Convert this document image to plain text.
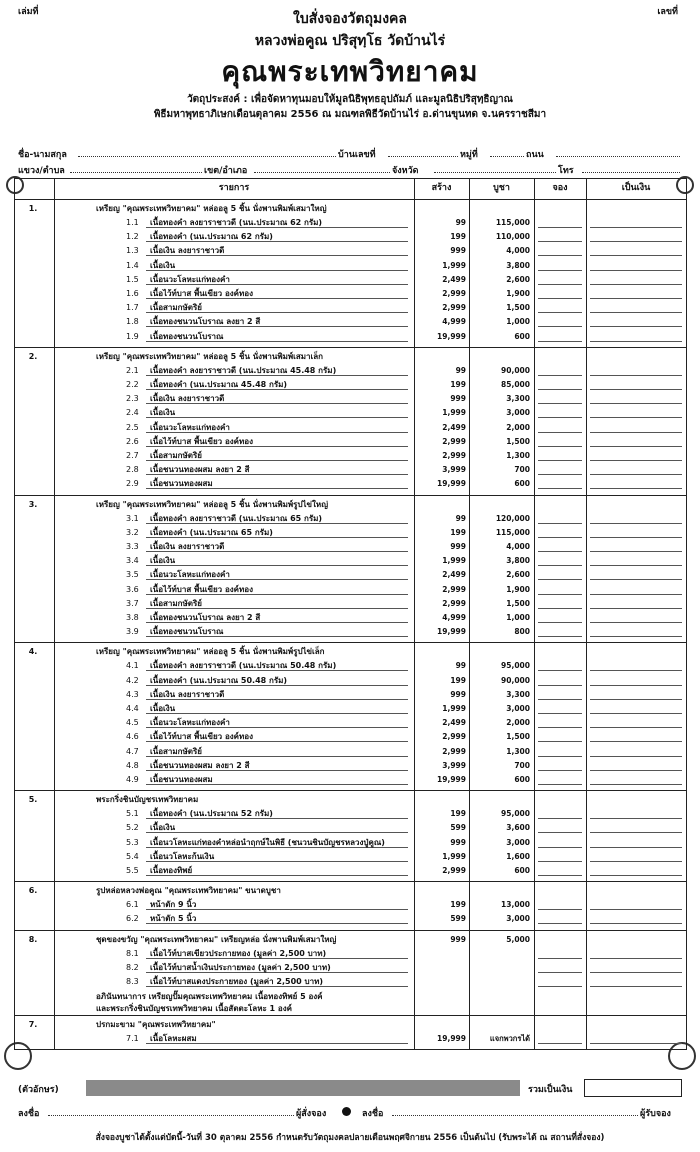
เล่มที่	เลขที่
ใบสั่งจองวัตถุมงคล
หลวงพ่อคูณ ปริสุทฺโธ วัดบ้านไร่
คุณพระเทพวิทยาคม
วัตถุประสงค์ : เพื่อจัดหาทุนมอบให้มูลนิธิพุทธอุปถัมภ์ และมูลนิธิปริสุทฺธิญาณ
พิธีมหาพุทธาภิเษกเดือนตุลาคม 2556 ณ มณฑลพิธีวัดบ้านไร่ อ.ด่านขุนทด จ.นครราชสีมา
ชื่อ-นามสกุล	บ้านเลขที่	หมู่ที่	ถนน
แขวง/ตำบล	เขต/อำเภอ	จังหวัด	โทร
รายการ	สร้าง	บูชา	จอง	เป็นเงิน
1.	เหรียญ "คุณพระเทพวิทยาคม" หล่ออลู 5 ชิ้น นั่งพานพิมพ์เสมาใหญ่
1.1	เนื้อทองคำ ลงยาราชาวดี (นน.ประมาณ 62 กรัม)	99	115,000
1.2	เนื้อทองคำ (นน.ประมาณ 62 กรัม)	199	110,000
1.3	เนื้อเงิน ลงยาราชาวดี	999	4,000
1.4	เนื้อเงิน	1,999	3,800
1.5	เนื้อนวะโลหะแก่ทองคำ	2,499	2,600
1.6	เนื้อไว้ท์บาส พื้นเขียว องค์ทอง	2,999	1,900
1.7	เนื้อสามกษัตริย์	2,999	1,500
1.8	เนื้อทองชนวนโบราณ ลงยา 2 สี	4,999	1,000
1.9	เนื้อทองชนวนโบราณ	19,999	600
2.	เหรียญ "คุณพระเทพวิทยาคม" หล่ออลู 5 ชิ้น นั่งพานพิมพ์เสมาเล็ก
2.1	เนื้อทองคำ ลงยาราชาวดี (นน.ประมาณ 45.48 กรัม)	99	90,000
2.2	เนื้อทองคำ (นน.ประมาณ 45.48 กรัม)	199	85,000
2.3	เนื้อเงิน ลงยาราชาวดี	999	3,300
2.4	เนื้อเงิน	1,999	3,000
2.5	เนื้อนวะโลหะแก่ทองคำ	2,499	2,000
2.6	เนื้อไว้ท์บาส พื้นเขียว องค์ทอง	2,999	1,500
2.7	เนื้อสามกษัตริย์	2,999	1,300
2.8	เนื้อชนวนทองผสม ลงยา 2 สี	3,999	700
2.9	เนื้อชนวนทองผสม	19,999	600
3.	เหรียญ "คุณพระเทพวิทยาคม" หล่ออลู 5 ชิ้น นั่งพานพิมพ์รูปไข่ใหญ่
3.1	เนื้อทองคำ ลงยาราชาวดี (นน.ประมาณ 65 กรัม)	99	120,000
3.2	เนื้อทองคำ (นน.ประมาณ 65 กรัม)	199	115,000
3.3	เนื้อเงิน ลงยาราชาวดี	999	4,000
3.4	เนื้อเงิน	1,999	3,800
3.5	เนื้อนวะโลหะแก่ทองคำ	2,499	2,600
3.6	เนื้อไว้ท์บาส พื้นเขียว องค์ทอง	2,999	1,900
3.7	เนื้อสามกษัตริย์	2,999	1,500
3.8	เนื้อทองชนวนโบราณ ลงยา 2 สี	4,999	1,000
3.9	เนื้อทองชนวนโบราณ	19,999	800
4.	เหรียญ "คุณพระเทพวิทยาคม" หล่ออลู 5 ชิ้น นั่งพานพิมพ์รูปไข่เล็ก
4.1	เนื้อทองคำ ลงยาราชาวดี (นน.ประมาณ 50.48 กรัม)	99	95,000
4.2	เนื้อทองคำ (นน.ประมาณ 50.48 กรัม)	199	90,000
4.3	เนื้อเงิน ลงยาราชาวดี	999	3,300
4.4	เนื้อเงิน	1,999	3,000
4.5	เนื้อนวะโลหะแก่ทองคำ	2,499	2,000
4.6	เนื้อไว้ท์บาส พื้นเขียว องค์ทอง	2,999	1,500
4.7	เนื้อสามกษัตริย์	2,999	1,300
4.8	เนื้อชนวนทองผสม ลงยา 2 สี	3,999	700
4.9	เนื้อชนวนทองผสม	19,999	600
5.	พระกริ่งชินบัญชรเทพวิทยาคม
5.1	เนื้อทองคำ (นน.ประมาณ 52 กรัม)	199	95,000
5.2	เนื้อเงิน	599	3,600
5.3	เนื้อนวโลหะแก่ทองคำหล่อนำฤกษ์ในพิธี (ชนวนชินบัญชรหลวงปู่คูณ)	999	3,000
5.4	เนื้อนวโลหะก้นเงิน	1,999	1,600
5.5	เนื้อทองทิพย์	2,999	600
6.	รูปหล่อหลวงพ่อคูณ "คุณพระเทพวิทยาคม" ขนาดบูชา
6.1	หน้าตัก 9 นิ้ว	199	13,000
6.2	หน้าตัก 5 นิ้ว	599	3,000
8.	ชุดของขวัญ "คุณพระเทพวิทยาคม" เหรียญหล่อ นั่งพานพิมพ์เสมาใหญ่	999	5,000
8.1	เนื้อไว้ท์บาสเขียวประกายทอง (มูลค่า 2,500 บาท)
8.2	เนื้อไว้ท์บาสน้ำเงินประกายทอง (มูลค่า 2,500 บาท)
8.3	เนื้อไว้ท์บาสแดงประกายทอง (มูลค่า 2,500 บาท)
อภินันทนาการ เหรียญปั๊มคุณพระเทพวิทยาคม เนื้อทองทิพย์ 5 องค์
และพระกริ่งชินบัญชรเทพวิทยาคม เนื้อสัตตะโลหะ 1 องค์
7.	ปรกมะขาม "คุณพระเทพวิทยาคม"
7.1	เนื้อโลหะผสม	19,999	แจกพวกรได้
(ตัวอักษร)	รวมเป็นเงิน
ลงชื่อ	ผู้สั่งจอง	ลงชื่อ	ผู้รับจอง
สั่งจองบูชาได้ตั้งแต่บัดนี้-วันที่ 30 ตุลาคม 2556 กำหนดรับวัตถุมงคลปลายเดือนพฤศจิกายน 2556 เป็นต้นไป (รับพระได้ ณ สถานที่สั่งจอง)
